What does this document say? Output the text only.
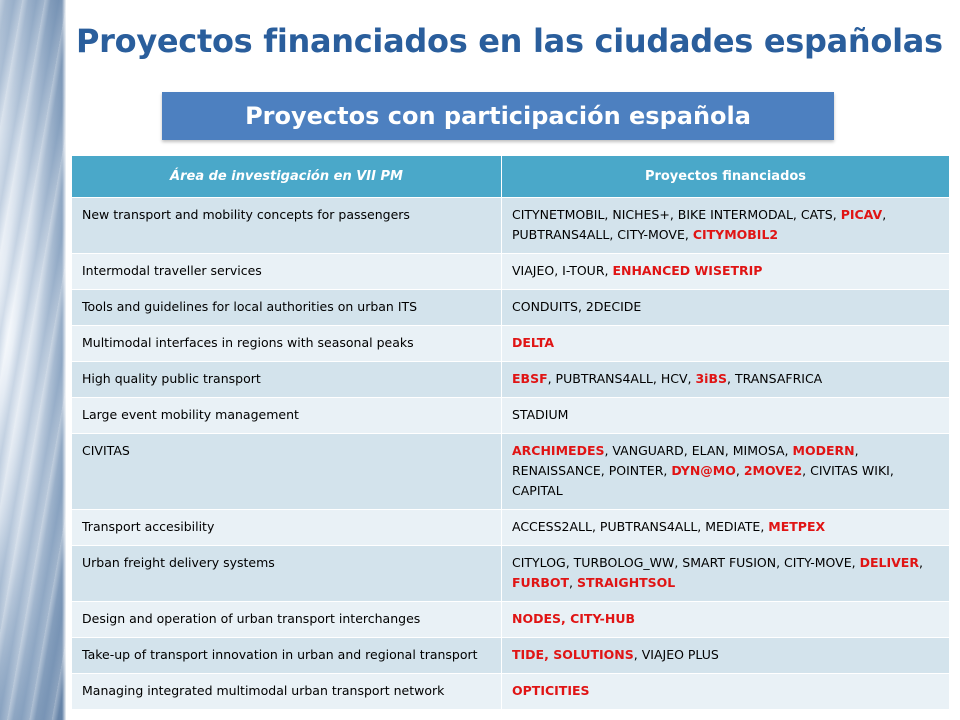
Proyectos financiados en las ciudades españolas
Proyectos con participación española
Área de investigación en VII PM	Proyectos financiados
New transport and mobility concepts for passengers	CITYNETMOBIL, NICHES+, BIKE INTERMODAL, CATS, PICAV, PUBTRANS4ALL, CITY-MOVE, CITYMOBIL2
Intermodal traveller services	VIAJEO, I-TOUR, ENHANCED WISETRIP
Tools and guidelines for local authorities on urban ITS	CONDUITS, 2DECIDE
Multimodal interfaces in regions with seasonal peaks	DELTA
High quality public transport	EBSF, PUBTRANS4ALL, HCV, 3iBS, TRANSAFRICA
Large event mobility management	STADIUM
CIVITAS	ARCHIMEDES, VANGUARD, ELAN, MIMOSA, MODERN, RENAISSANCE, POINTER, DYN@MO, 2MOVE2, CIVITAS WIKI, CAPITAL
Transport accesibility	ACCESS2ALL, PUBTRANS4ALL, MEDIATE, METPEX
Urban freight delivery systems	CITYLOG, TURBOLOG_WW, SMART FUSION, CITY-MOVE, DELIVER, FURBOT, STRAIGHTSOL
Design and operation of urban transport interchanges	NODES, CITY-HUB
Take-up of transport innovation in urban and regional transport	TIDE, SOLUTIONS, VIAJEO PLUS
Managing integrated multimodal urban transport network	OPTICITIES
